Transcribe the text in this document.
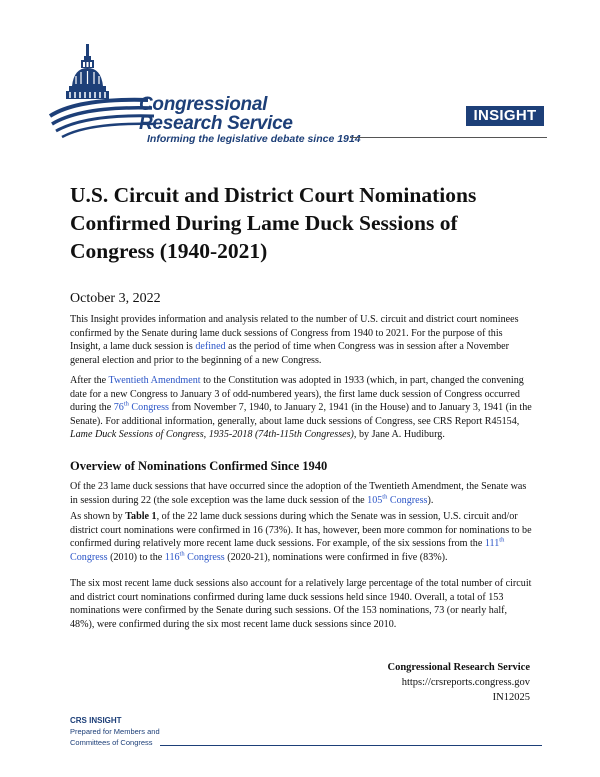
Congressional
Research Service
Informing the legislative debate since 1914
INSIGHT
U.S. Circuit and District Court Nominations Confirmed During Lame Duck Sessions of Congress (1940-2021)
October 3, 2022

This Insight provides information and analysis related to the number of U.S. circuit and district court nominees confirmed by the Senate during lame duck sessions of Congress from 1940 to 2021. For the purpose of this Insight, a lame duck session is defined as the period of time when Congress was in session after a November general election and prior to the beginning of a new Congress.

After the Twentieth Amendment to the Constitution was adopted in 1933 (which, in part, changed the convening date for a new Congress to January 3 of odd-numbered years), the first lame duck session of Congress occurred during the 76th Congress from November 7, 1940, to January 2, 1941 (in the House) and to January 3, 1941 (in the Senate). For additional information, generally, about lame duck sessions of Congress, see CRS Report R45154, Lame Duck Sessions of Congress, 1935-2018 (74th-115th Congresses), by Jane A. Hudiburg.

Overview of Nominations Confirmed Since 1940

Of the 23 lame duck sessions that have occurred since the adoption of the Twentieth Amendment, the Senate was in session during 22 (the sole exception was the lame duck session of the 105th Congress).

As shown by Table 1, of the 22 lame duck sessions during which the Senate was in session, U.S. circuit and/or district court nominations were confirmed in 16 (73%). It has, however, been more common for nominations to be confirmed during relatively more recent lame duck sessions. For example, of the six sessions from the 111th Congress (2010) to the 116th Congress (2020-21), nominations were confirmed in five (83%).

The six most recent lame duck sessions also account for a relatively large percentage of the total number of circuit and district court nominations confirmed during lame duck sessions held since 1940. Overall, a total of 153 nominations were confirmed by the Senate during such sessions. Of the 153 nominations, 73 (or nearly half, 48%), were confirmed during the six most recent lame duck sessions since 2010.

Congressional Research Service
https://crsreports.congress.gov
IN12025
CRS INSIGHT
Prepared for Members and
Committees of Congress
